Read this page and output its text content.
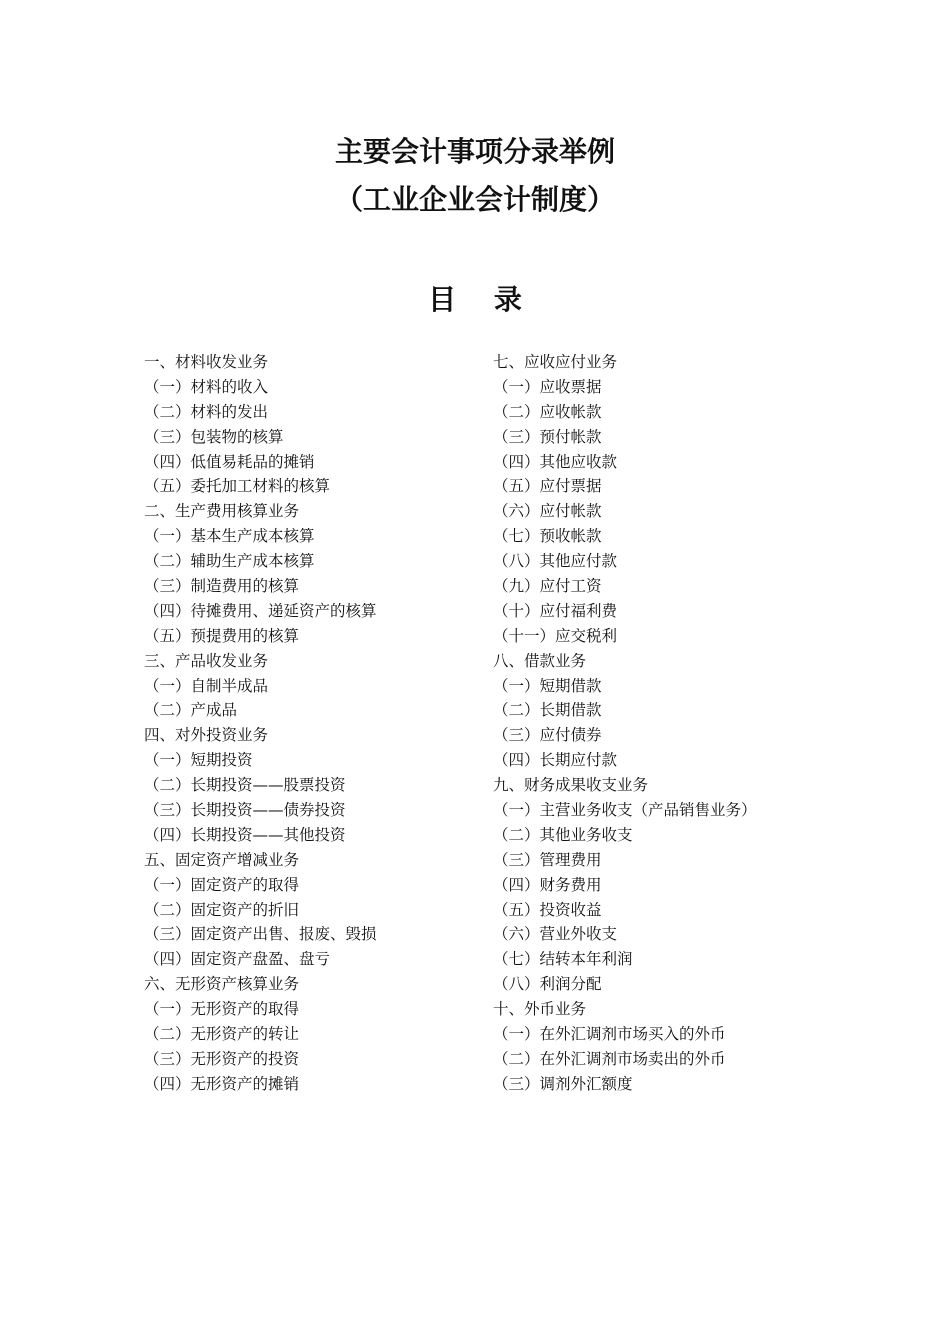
主要会计事项分录举例
（工业企业会计制度）
目 录
一、材料收发业务
（一）材料的收入
（二）材料的发出
（三）包装物的核算
（四）低值易耗品的摊销
（五）委托加工材料的核算
二、生产费用核算业务
（一）基本生产成本核算
（二）辅助生产成本核算
（三）制造费用的核算
（四）待摊费用、递延资产的核算
（五）预提费用的核算
三、产品收发业务
（一）自制半成品
（二）产成品
四、对外投资业务
（一）短期投资
（二）长期投资——股票投资
（三）长期投资——债券投资
（四）长期投资——其他投资
五、固定资产增减业务
（一）固定资产的取得
（二）固定资产的折旧
（三）固定资产出售、报废、毁损
（四）固定资产盘盈、盘亏
六、无形资产核算业务
（一）无形资产的取得
（二）无形资产的转让
（三）无形资产的投资
（四）无形资产的摊销
七、应收应付业务
（一）应收票据
（二）应收帐款
（三）预付帐款
（四）其他应收款
（五）应付票据
（六）应付帐款
（七）预收帐款
（八）其他应付款
（九）应付工资
（十）应付福利费
（十一）应交税利
八、借款业务
（一）短期借款
（二）长期借款
（三）应付债券
（四）长期应付款
九、财务成果收支业务
（一）主营业务收支（产品销售业务）
（二）其他业务收支
（三）管理费用
（四）财务费用
（五）投资收益
（六）营业外收支
（七）结转本年利润
（八）利润分配
十、外币业务
（一）在外汇调剂市场买入的外币
（二）在外汇调剂市场卖出的外币
（三）调剂外汇额度
